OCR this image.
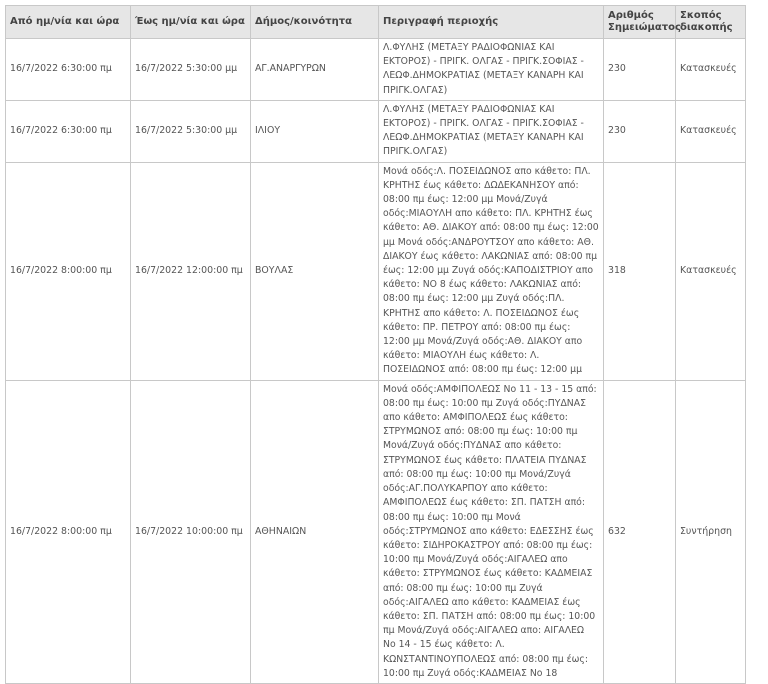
Από ημ/νία και ώρα	Έως ημ/νία και ώρα	Δήμος/κοινότητα	Περιγραφή περιοχής	Αριθμός Σημειώματος	Σκοπός διακοπής
16/7/2022 6:30:00 πμ	16/7/2022 5:30:00 μμ	ΑΓ.ΑΝΑΡΓΥΡΩΝ	Λ.ΦΥΛΗΣ (ΜΕΤΑΞΥ ΡΑΔΙΟΦΩΝΙΑΣ ΚΑΙ ΕΚΤΟΡΟΣ) - ΠΡΙΓΚ. ΟΛΓΑΣ - ΠΡΙΓΚ.ΣΟΦΙΑΣ - ΛΕΩΦ.ΔΗΜΟΚΡΑΤΙΑΣ (ΜΕΤΑΞΥ ΚΑΝΑΡΗ ΚΑΙ ΠΡΙΓΚ.ΟΛΓΑΣ)	230	Κατασκευές
16/7/2022 6:30:00 πμ	16/7/2022 5:30:00 μμ	ΙΛΙΟΥ	Λ.ΦΥΛΗΣ (ΜΕΤΑΞΥ ΡΑΔΙΟΦΩΝΙΑΣ ΚΑΙ ΕΚΤΟΡΟΣ) - ΠΡΙΓΚ. ΟΛΓΑΣ - ΠΡΙΓΚ.ΣΟΦΙΑΣ - ΛΕΩΦ.ΔΗΜΟΚΡΑΤΙΑΣ (ΜΕΤΑΞΥ ΚΑΝΑΡΗ ΚΑΙ ΠΡΙΓΚ.ΟΛΓΑΣ)	230	Κατασκευές
16/7/2022 8:00:00 πμ	16/7/2022 12:00:00 πμ	ΒΟΥΛΑΣ	Μονά οδός:Λ. ΠΟΣΕΙΔΩΝΟΣ απο κάθετο: ΠΛ. ΚΡΗΤΗΣ έως κάθετο: ΔΩΔΕΚΑΝΗΣΟΥ από: 08:00 πμ έως: 12:00 μμ Μονά/Ζυγά οδός:ΜΙΑΟΥΛΗ απο κάθετο: ΠΛ. ΚΡΗΤΗΣ έως κάθετο: ΑΘ. ΔΙΑΚΟΥ από: 08:00 πμ έως: 12:00 μμ Μονά οδός:ΑΝΔΡΟΥΤΣΟΥ απο κάθετο: ΑΘ. ΔΙΑΚΟΥ έως κάθετο: ΛΑΚΩΝΙΑΣ από: 08:00 πμ έως: 12:00 μμ Ζυγά οδός:ΚΑΠΟΔΙΣΤΡΙΟΥ απο κάθετο: ΝΟ 8 έως κάθετο: ΛΑΚΩΝΙΑΣ από: 08:00 πμ έως: 12:00 μμ Ζυγά οδός:ΠΛ. ΚΡΗΤΗΣ απο κάθετο: Λ. ΠΟΣΕΙΔΩΝΟΣ έως κάθετο: ΠΡ. ΠΕΤΡΟΥ από: 08:00 πμ έως: 12:00 μμ Μονά/Ζυγά οδός:ΑΘ. ΔΙΑΚΟΥ απο κάθετο: ΜΙΑΟΥΛΗ έως κάθετο: Λ. ΠΟΣΕΙΔΩΝΟΣ από: 08:00 πμ έως: 12:00 μμ	318	Κατασκευές
16/7/2022 8:00:00 πμ	16/7/2022 10:00:00 πμ	ΑΘΗΝΑΙΩΝ	Μονά οδός:ΑΜΦΙΠΟΛΕΩΣ Νο 11 - 13 - 15 από: 08:00 πμ έως: 10:00 πμ Ζυγά οδός:ΠΥΔΝΑΣ απο κάθετο: ΑΜΦΙΠΟΛΕΩΣ έως κάθετο: ΣΤΡΥΜΩΝΟΣ από: 08:00 πμ έως: 10:00 πμ Μονά/Ζυγά οδός:ΠΥΔΝΑΣ απο κάθετο: ΣΤΡΥΜΩΝΟΣ έως κάθετο: ΠΛΑΤΕΙΑ ΠΥΔΝΑΣ από: 08:00 πμ έως: 10:00 πμ Μονά/Ζυγά οδός:ΑΓ.ΠΟΛΥΚΑΡΠΟΥ απο κάθετο: ΑΜΦΙΠΟΛΕΩΣ έως κάθετο: ΣΠ. ΠΑΤΣΗ από: 08:00 πμ έως: 10:00 πμ Μονά οδός:ΣΤΡΥΜΩΝΟΣ απο κάθετο: ΕΔΕΣΣΗΣ έως κάθετο: ΣΙΔΗΡΟΚΑΣΤΡΟΥ από: 08:00 πμ έως: 10:00 πμ Μονά/Ζυγά οδός:ΑΙΓΑΛΕΩ απο κάθετο: ΣΤΡΥΜΩΝΟΣ έως κάθετο: ΚΑΔΜΕΙΑΣ από: 08:00 πμ έως: 10:00 πμ Ζυγά οδός:ΑΙΓΑΛΕΩ απο κάθετο: ΚΑΔΜΕΙΑΣ έως κάθετο: ΣΠ. ΠΑΤΣΗ από: 08:00 πμ έως: 10:00 πμ Μονά/Ζυγά οδός:ΑΙΓΑΛΕΩ απο: ΑΙΓΑΛΕΩ Νο 14 - 15 έως κάθετο: Λ. ΚΩΝΣΤΑΝΤΙΝΟΥΠΟΛΕΩΣ από: 08:00 πμ έως: 10:00 πμ Ζυγά οδός:ΚΑΔΜΕΙΑΣ Νο 18	632	Συντήρηση
